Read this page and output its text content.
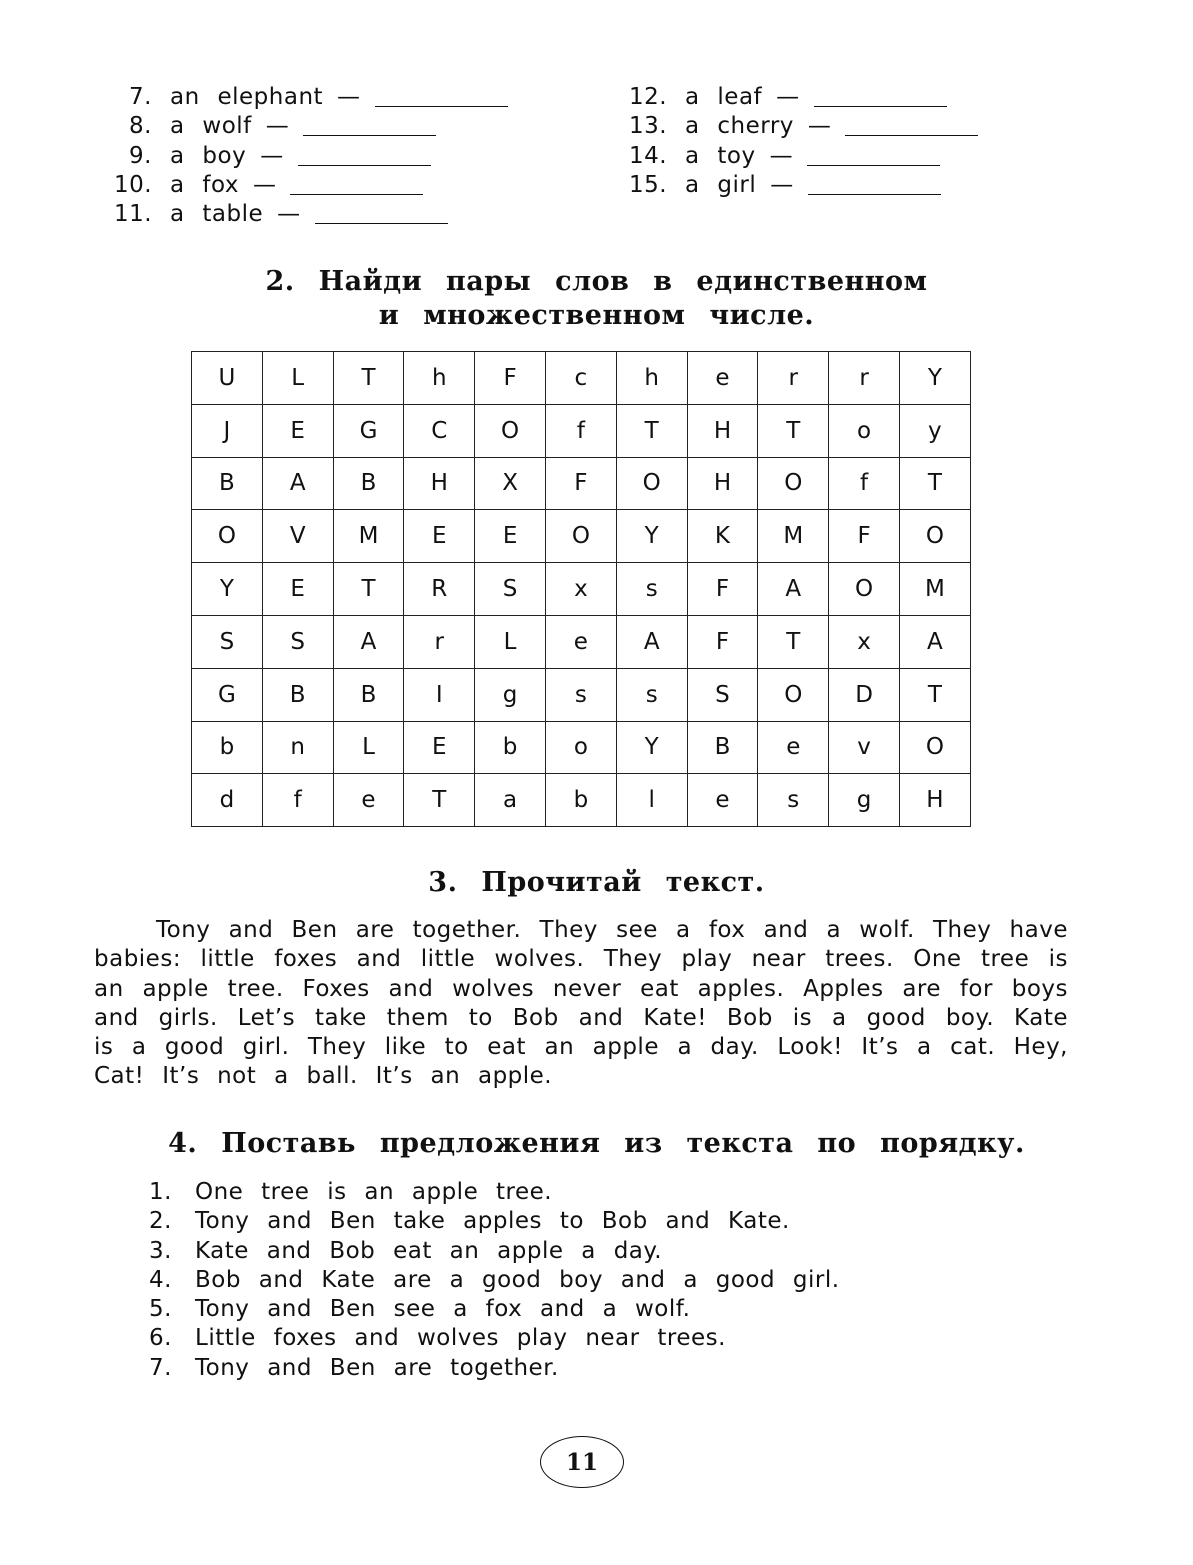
7. an elephant —
8. a wolf —
9. a boy —
10. a fox —
11. a table —
12. a leaf —
13. a cherry —
14. a toy —
15. a girl —
2. Найди пары слов в единственном
и множественном числе.
U	L	T	h	F	c	h	e	r	r	Y
J	E	G	C	O	f	T	H	T	o	y
B	A	B	H	X	F	O	H	O	f	T
O	V	M	E	E	O	Y	K	M	F	O
Y	E	T	R	S	x	s	F	A	O	M
S	S	A	r	L	e	A	F	T	x	A
G	B	B	I	g	s	s	S	O	D	T
b	n	L	E	b	o	Y	B	e	v	O
d	f	e	T	a	b	l	e	s	g	H
3. Прочитай текст.

Tony and Ben are together. They see a fox and a wolf. They have babies: little foxes and little wolves. They play near trees. One tree is an apple tree. Foxes and wolves never eat apples. Apples are for boys and girls. Let’s take them to Bob and Kate! Bob is a good boy. Kate is a good girl. They like to eat an apple a day. Look! It’s a cat. Hey, Cat! It’s not a ball. It’s an apple.

4. Поставь предложения из текста по порядку.
1. One tree is an apple tree.
2. Tony and Ben take apples to Bob and Kate.
3. Kate and Bob eat an apple a day.
4. Bob and Kate are a good boy and a good girl.
5. Tony and Ben see a fox and a wolf.
6. Little foxes and wolves play near trees.
7. Tony and Ben are together.
11
